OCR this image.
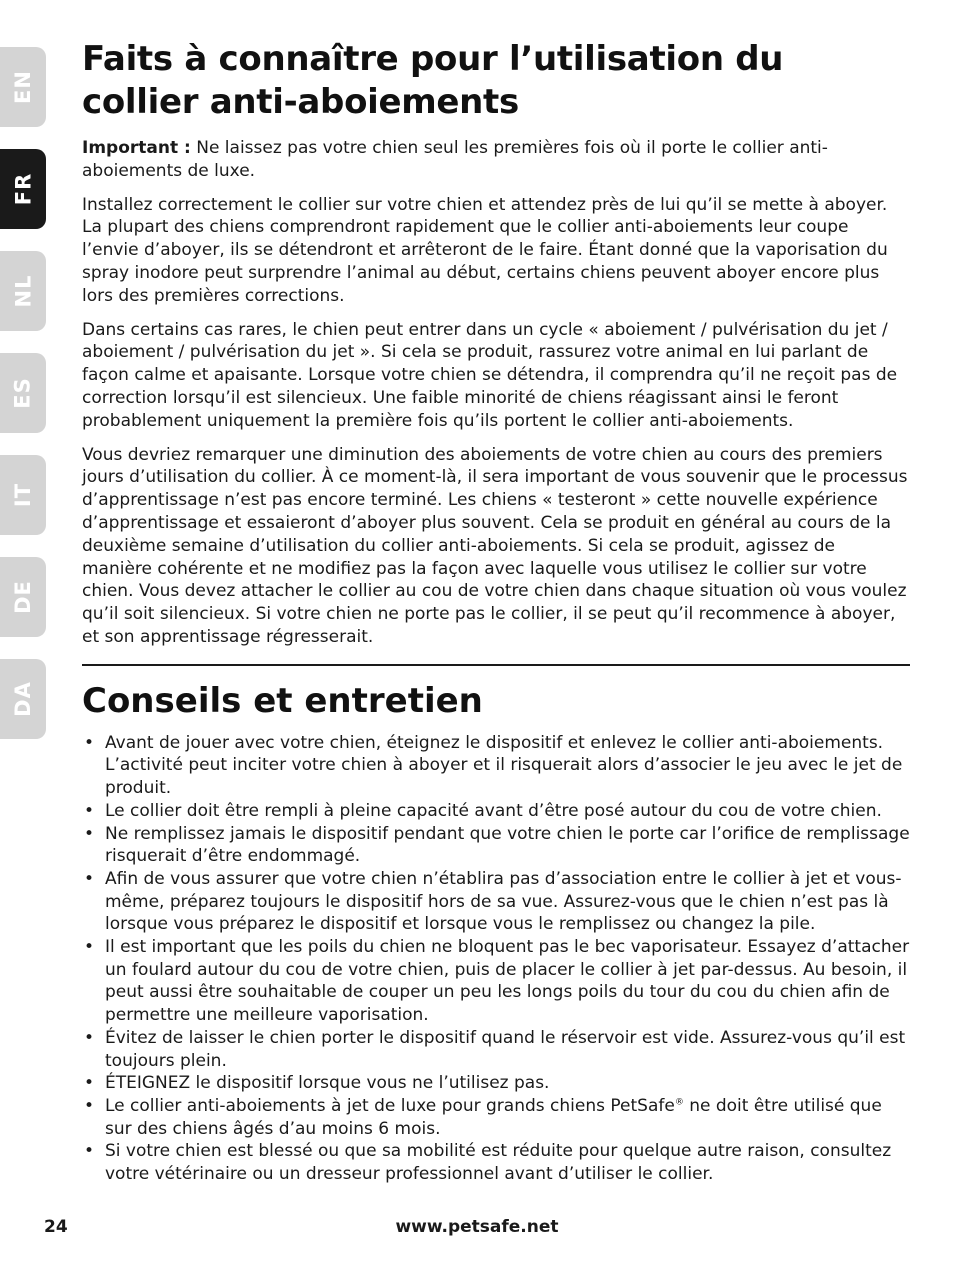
EN
FR
NL
ES
IT
DE
DA
Faits à connaître pour l’utilisation du collier anti-aboiements

Important : Ne laissez pas votre chien seul les premières fois où il porte le collier anti-aboiements de luxe.

Installez correctement le collier sur votre chien et attendez près de lui qu’il se mette à aboyer. La plupart des chiens comprendront rapidement que le collier anti-aboiements leur coupe l’envie d’aboyer, ils se détendront et arrêteront de le faire. Étant donné que la vaporisation du spray inodore peut surprendre l’animal au début, certains chiens peuvent aboyer encore plus lors des premières corrections.

Dans certains cas rares, le chien peut entrer dans un cycle « aboiement / pulvérisation du jet / aboiement / pulvérisation du jet ». Si cela se produit, rassurez votre animal en lui parlant de façon calme et apaisante. Lorsque votre chien se détendra, il comprendra qu’il ne reçoit pas de correction lorsqu’il est silencieux. Une faible minorité de chiens réagissant ainsi le feront probablement uniquement la première fois qu’ils portent le collier anti-aboiements.

Vous devriez remarquer une diminution des aboiements de votre chien au cours des premiers jours d’utilisation du collier. À ce moment-là, il sera important de vous souvenir que le processus d’apprentissage n’est pas encore terminé. Les chiens « testeront » cette nouvelle expérience d’apprentissage et essaieront d’aboyer plus souvent. Cela se produit en général au cours de la deuxième semaine d’utilisation du collier anti-aboiements. Si cela se produit, agissez de manière cohérente et ne modifiez pas la façon avec laquelle vous utilisez le collier sur votre chien. Vous devez attacher le collier au cou de votre chien dans chaque situation où vous voulez qu’il soit silencieux. Si votre chien ne porte pas le collier, il se peut qu’il recommence à aboyer, et son apprentissage régresserait.

Conseils et entretien
• Avant de jouer avec votre chien, éteignez le dispositif et enlevez le collier anti-aboiements. L’activité peut inciter votre chien à aboyer et il risquerait alors d’associer le jeu avec le jet de produit.
• Le collier doit être rempli à pleine capacité avant d’être posé autour du cou de votre chien.
• Ne remplissez jamais le dispositif pendant que votre chien le porte car l’orifice de remplissage risquerait d’être endommagé.
• Afin de vous assurer que votre chien n’établira pas d’association entre le collier à jet et vous-même, préparez toujours le dispositif hors de sa vue. Assurez-vous que le chien n’est pas là lorsque vous préparez le dispositif et lorsque vous le remplissez ou changez la pile.
• Il est important que les poils du chien ne bloquent pas le bec vaporisateur. Essayez d’attacher un foulard autour du cou de votre chien, puis de placer le collier à jet par-dessus. Au besoin, il peut aussi être souhaitable de couper un peu les longs poils du tour du cou du chien afin de permettre une meilleure vaporisation.
• Évitez de laisser le chien porter le dispositif quand le réservoir est vide. Assurez-vous qu’il est toujours plein.
• ÉTEIGNEZ le dispositif lorsque vous ne l’utilisez pas.
• Le collier anti-aboiements à jet de luxe pour grands chiens PetSafe® ne doit être utilisé que sur des chiens âgés d’au moins 6 mois.
• Si votre chien est blessé ou que sa mobilité est réduite pour quelque autre raison, consultez votre vétérinaire ou un dresseur professionnel avant d’utiliser le collier.
24	www.petsafe.net
